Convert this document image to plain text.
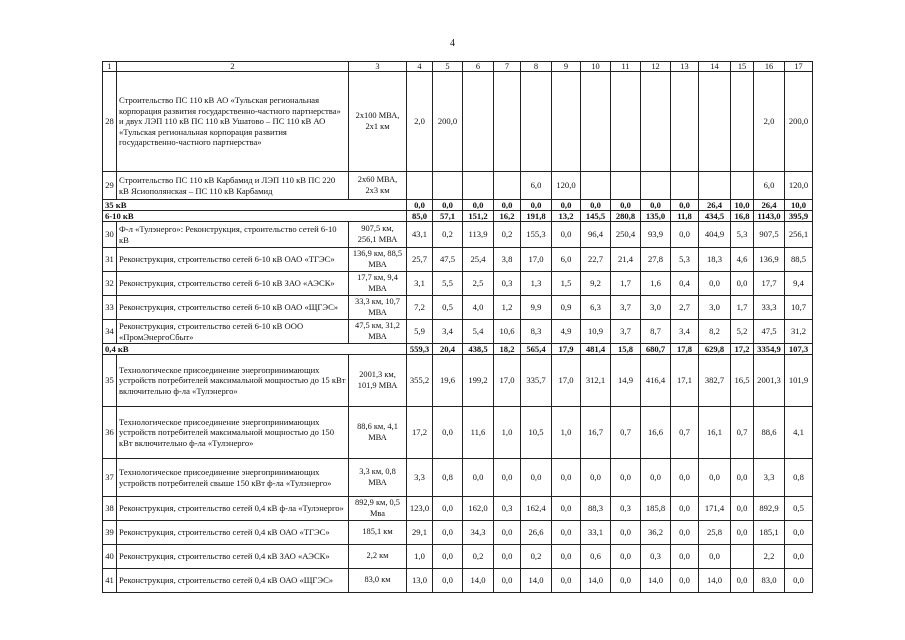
4
1	2	3	4	5	6	7	8	9	10	11	12	13	14	15	16	17
28	Строительство ПС 110 кВ АО «Тульская региональная корпорация развития государственно-частного партнерства» и двух ЛЭП 110 кВ ПС 110 кВ Ушатово – ПС 110 кВ АО «Тульская региональная корпорация развития государственно-частного партнерства»	2x100 МВА, 2x1 км	2,0	200,0											2,0	200,0
29	Строительство ПС 110 кВ Карбамид и ЛЭП 110 кВ ПС 220 кВ Ясиополянская – ПС 110 кВ Карбамид	2x60 МВА, 2x3 км					6,0	120,0							6,0	120,0
35 кВ			0,0	0,0	0,0	0,0	0,0	0,0	0,0	0,0	0,0	0,0	26,4	10,0	26,4	10,0
6-10 кВ			85,0	57,1	151,2	16,2	191,8	13,2	145,5	280,8	135,0	11,8	434,5	16,8	1143,0	395,9
30	Ф-л «Тулэнерго»: Реконструкция, строительство сетей 6-10 кВ	907,5 км, 256,1 МВА	43,1	0,2	113,9	0,2	155,3	0,0	96,4	250,4	93,9	0,0	404,9	5,3	907,5	256,1
31	Реконструкция, строительство сетей 6-10 кВ ОАО «ТГЭС»	136,9 км, 88,5 МВА	25,7	47,5	25,4	3,8	17,0	6,0	22,7	21,4	27,8	5,3	18,3	4,6	136,9	88,5
32	Реконструкция, строительство сетей 6-10 кВ ЗАО «АЭСК»	17,7 км, 9,4 МВА	3,1	5,5	2,5	0,3	1,3	1,5	9,2	1,7	1,6	0,4	0,0	0,0	17,7	9,4
33	Реконструкция, строительство сетей 6-10 кВ ОАО «ЩГЭС»	33,3 км, 10,7 МВА	7,2	0,5	4,0	1,2	9,9	0,9	6,3	3,7	3,0	2,7	3,0	1,7	33,3	10,7
34	Реконструкция, строительство сетей 6-10 кВ ООО «ПромЭнергоСбыт»	47,5 км, 31,2 МВА	5,9	3,4	5,4	10,6	8,3	4,9	10,9	3,7	8,7	3,4	8,2	5,2	47,5	31,2
0,4 кВ			559,3	20,4	438,5	18,2	565,4	17,9	481,4	15,8	680,7	17,8	629,8	17,2	3354,9	107,3
35	Технологическое присоединение энергопринимающих устройств потребителей максимальной мощностью до 15 кВт включительно ф-ла «Тулэнерго»	2001,3 км, 101,9 МВА	355,2	19,6	199,2	17,0	335,7	17,0	312,1	14,9	416,4	17,1	382,7	16,5	2001,3	101,9
36	Технологическое присоединение энергопринимающих устройств потребителей максимальной мощностью до 150 кВт включительно ф-ла «Тулэнерго»	88,6 км, 4,1 МВА	17,2	0,0	11,6	1,0	10,5	1,0	16,7	0,7	16,6	0,7	16,1	0,7	88,6	4,1
37	Технологическое присоединение энергопринимающих устройств потребителей свыше 150 кВт ф-ла «Тулэнерго»	3,3 км, 0,8 МВА	3,3	0,8	0,0	0,0	0,0	0,0	0,0	0,0	0,0	0,0	0,0	0,0	3,3	0,8
38	Реконструкция, строительство сетей 0,4 кВ ф-ла «Тулэнерго»	892,9 км, 0,5 Мва	123,0	0,0	162,0	0,3	162,4	0,0	88,3	0,3	185,8	0,0	171,4	0,0	892,9	0,5
39	Реконструкция, строительство сетей 0,4 кВ ОАО «ТГЭС»	185,1 км	29,1	0,0	34,3	0,0	26,6	0,0	33,1	0,0	36,2	0,0	25,8	0,0	185,1	0,0
40	Реконструкция, строительство сетей 0,4 кВ ЗАО «АЭСК»	2,2 км	1,0	0,0	0,2	0,0	0,2	0,0	0,6	0,0	0,3	0,0	0,0		2,2	0,0
41	Реконструкция, строительство сетей 0,4 кВ ОАО «ЩГЭС»	83,0 км	13,0	0,0	14,0	0,0	14,0	0,0	14,0	0,0	14,0	0,0	14,0	0,0	83,0	0,0
